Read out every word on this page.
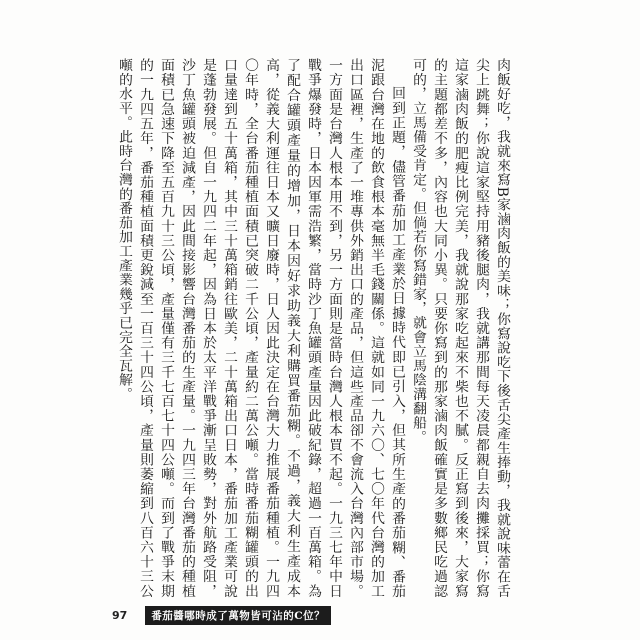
肉飯好吃，我就來寫B家滷肉飯的美味；你寫說吃下後舌尖產生捧動，我就說味蕾在舌尖上跳舞；你說這家堅持用豬後腿肉，我就講那間每天凌晨都親自去肉攤採買；你寫這家滷肉飯的肥瘦比例完美，我就說那家吃起來不柴也不膩。反正寫到後來，大家寫的主題都差不多，內容也大同小異。只要你寫到的那家滷肉飯確實是多數鄉民吃過認可的，立馬備受肯定。但倘若你寫錯家，就會立馬陰溝翻船。

回到正題，儘管番茄加工產業於日據時代即已引入，但其所生產的番茄糊、番茄泥跟台灣在地的飲食根本毫無半毛錢關係。這就如同一九六〇、七〇年代台灣的加工出口區裡，生產了一堆專供外銷出口的產品，但這些產品卻不會流入台灣內部市場。一方面是台灣人根本用不到，另一方面則是當時台灣人根本買不起。一九三七年中日戰爭爆發時，日本因軍需浩繁，當時沙丁魚罐頭產量因此破紀錄，超過一百萬箱。為了配合罐頭產量的增加，日本因好求助義大利購買番茄糊。不過，義大利生產成本高，從義大利運往日本又曠日廢時，日人因此決定在台灣大力推展番茄種植。一九四〇年時，全台番茄種植面積已突破二千公頃，產量約二萬公噸。當時番茄糊罐頭的出口量達到五十萬箱，其中三十萬箱銷往歐美，二十萬箱出口日本，番茄加工產業可說是蓬勃發展。但自一九四二年起，因為日本於太平洋戰爭漸呈敗勢，對外航路受阻，沙丁魚罐頭被迫減產，因此間接影響台灣番茄的生產量。一九四三年台灣番茄的種植面積已急速下降至五百九十三公頃，產量僅有三千七百七十四公噸。而到了戰爭末期的一九四五年，番茄種植面積更銳減至一百三十四公頃，產量則萎縮到八百六十三公噸的水平。此時台灣的番茄加工產業幾乎已完全瓦解。

97	番茄醬哪時成了萬物皆可沾的C位？
